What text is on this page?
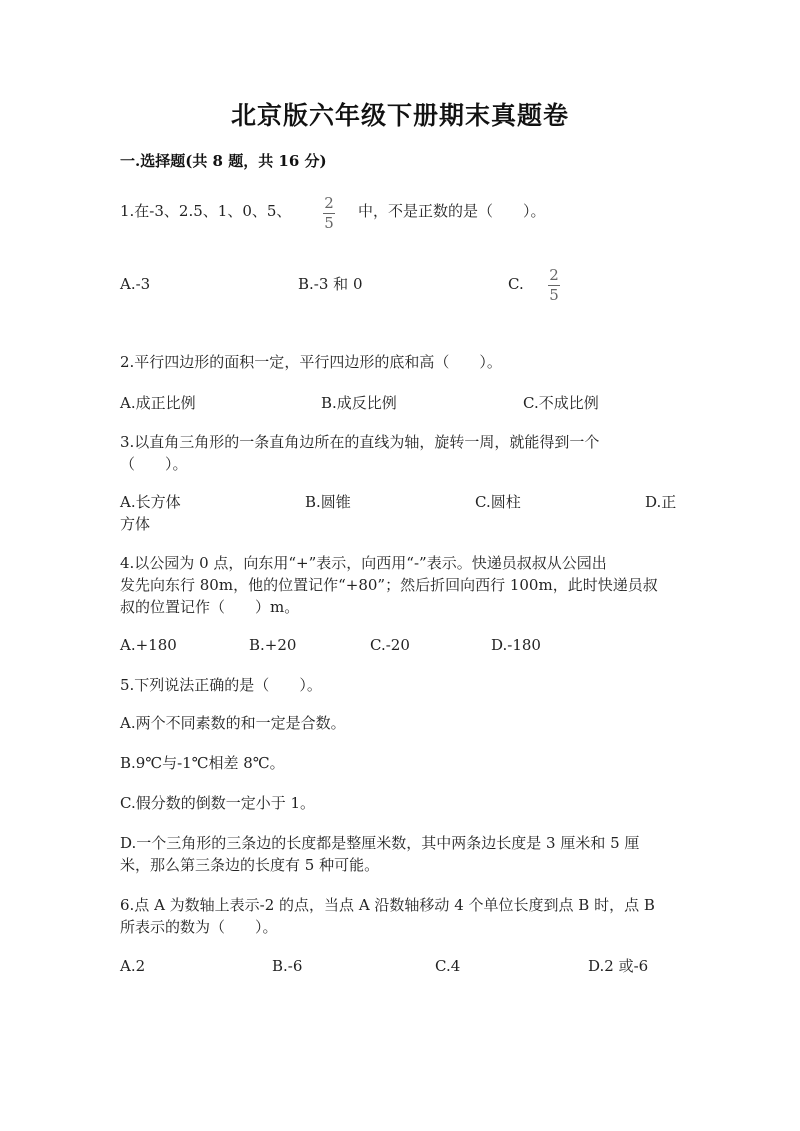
北京版六年级下册期末真题卷
一.选择题(共 8 题，共 16 分)
1.在-3、2.5、1、0、5、 2
5
中，不是正数的是（　　）。
A.-3	B.-3 和 0	C. 2
5
2.平行四边形的面积一定，平行四边形的底和高（　　）。
A.成正比例	B.成反比例	C.不成比例
3.以直角三角形的一条直角边所在的直线为轴，旋转一周，就能得到一个
（　　）。
A.长方体	B.圆锥	C.圆柱	D.正
方体
4.以公园为 0 点，向东用“+”表示，向西用“-”表示。快递员叔叔从公园出
发先向东行 80m，他的位置记作“+80”；然后折回向西行 100m，此时快递员叔
叔的位置记作（　　）m。
A.+180	B.+20	C.-20	D.-180
5.下列说法正确的是（　　）。
A.两个不同素数的和一定是合数。
B.9℃与-1℃相差 8℃。
C.假分数的倒数一定小于 1。
D.一个三角形的三条边的长度都是整厘米数，其中两条边长度是 3 厘米和 5 厘
米，那么第三条边的长度有 5 种可能。
6.点 A 为数轴上表示-2 的点，当点 A 沿数轴移动 4 个单位长度到点 B 时，点 B
所表示的数为（　　）。
A.2	B.-6	C.4	D.2 或-6
